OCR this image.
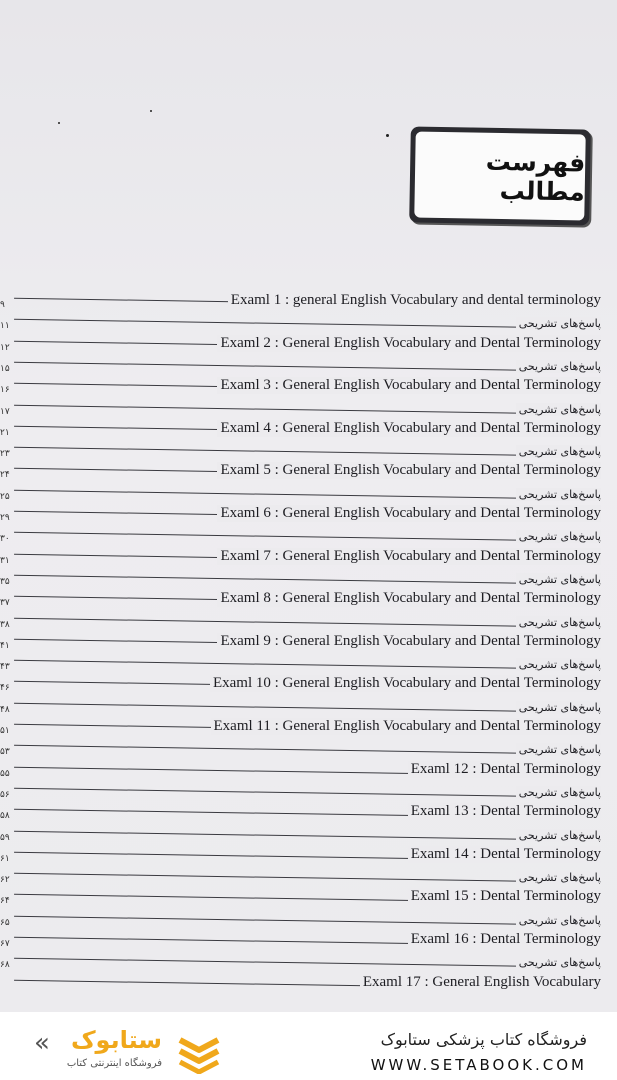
فهرست مطالب
۹	Examl 1 : general English Vocabulary and dental terminology
۱۱	پاسخ‌های تشریحی
۱۲	Examl 2 : General English Vocabulary and Dental Terminology
۱۵	پاسخ‌های تشریحی
۱۶	Examl 3 : General English Vocabulary and Dental Terminology
۱۷	پاسخ‌های تشریحی
۲۱	Examl 4 : General English Vocabulary and Dental Terminology
۲۳	پاسخ‌های تشریحی
۲۴	Examl 5 : General English Vocabulary and Dental Terminology
۲۵	پاسخ‌های تشریحی
۲۹	Examl 6 : General English Vocabulary and Dental Terminology
۳۰	پاسخ‌های تشریحی
۳۱	Examl 7 : General English Vocabulary and Dental Terminology
۳۵	پاسخ‌های تشریحی
۳۷	Examl 8 : General English Vocabulary and Dental Terminology
۳۸	پاسخ‌های تشریحی
۴۱	Examl 9 : General English Vocabulary and Dental Terminology
۴۳	پاسخ‌های تشریحی
۴۶	Examl 10 : General English Vocabulary and Dental Terminology
۴۸	پاسخ‌های تشریحی
۵۱	Examl 11 : General English Vocabulary and Dental Terminology
۵۳	پاسخ‌های تشریحی
۵۵	Examl 12 : Dental Terminology
۵۶	پاسخ‌های تشریحی
۵۸	Examl 13 : Dental Terminology
۵۹	پاسخ‌های تشریحی
۶۱	Examl 14 : Dental Terminology
۶۲	پاسخ‌های تشریحی
۶۴	Examl 15 : Dental Terminology
۶۵	پاسخ‌های تشریحی
۶۷	Examl 16 : Dental Terminology
۶۸	پاسخ‌های تشریحی
Examl 17 : General English Vocabulary
« ستابوک
فروشگاه اینترنتی کتاب
فروشگاه کتاب پزشکی ستابوک
WWW.SETABOOK.COM
